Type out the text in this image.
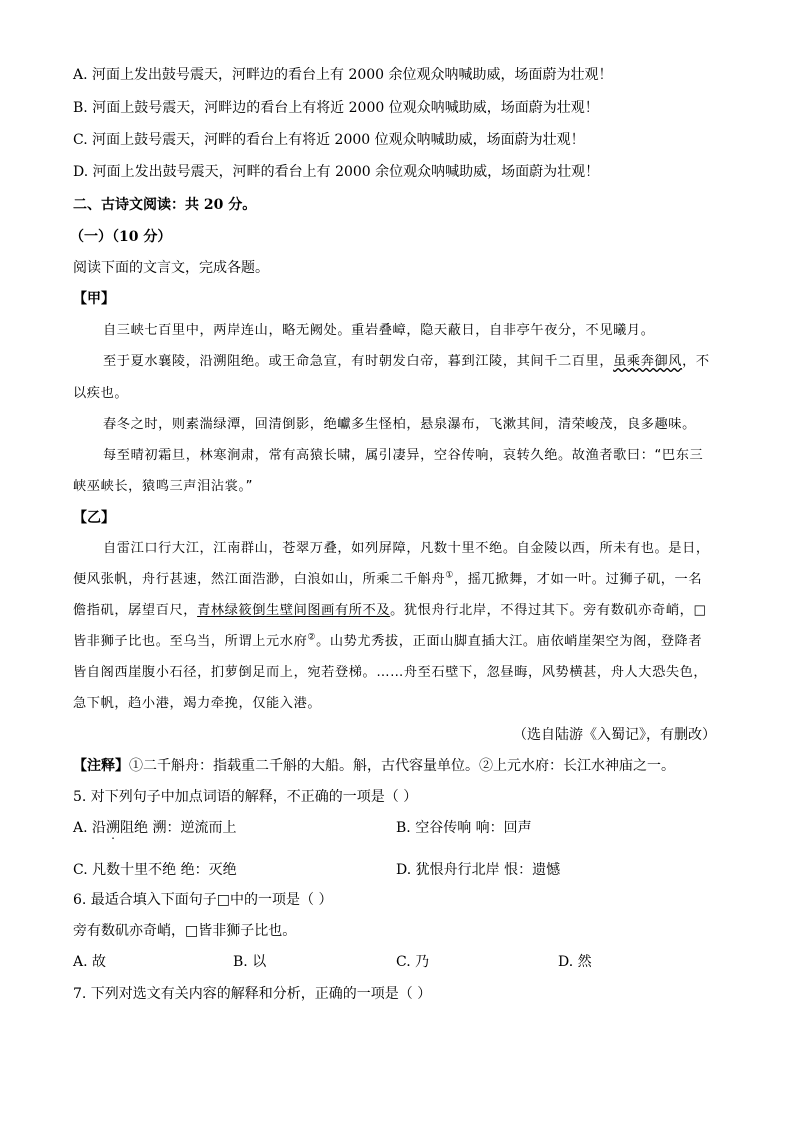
A. 河面上发出鼓号震天，河畔边的看台上有 2000 余位观众呐喊助威，场面蔚为壮观！
B. 河面上鼓号震天，河畔边的看台上有将近 2000 位观众呐喊助威，场面蔚为壮观！
C. 河面上鼓号震天，河畔的看台上有将近 2000 位观众呐喊助威，场面蔚为壮观！
D. 河面上发出鼓号震天，河畔的看台上有 2000 余位观众呐喊助威，场面蔚为壮观！
二、古诗文阅读：共 20 分。
（一）（10 分）
阅读下面的文言文，完成各题。
【甲】
自三峡七百里中，两岸连山，略无阙处。重岩叠嶂，隐天蔽日，自非亭午夜分，不见曦月。
至于夏水襄陵，沿溯阻绝。或王命急宣，有时朝发白帝，暮到江陵，其间千二百里，虽乘奔御风，不
以疾也。
春冬之时，则素湍绿潭，回清倒影，绝巘多生怪柏，悬泉瀑布，飞漱其间，清荣峻茂，良多趣味。
每至晴初霜旦，林寒涧肃，常有高猿长啸，属引凄异，空谷传响，哀转久绝。故渔者歌曰：“巴东三
峡巫峡长，猿鸣三声泪沾裳。”
【乙】
自雷江口行大江，江南群山，苍翠万叠，如列屏障，凡数十里不绝。自金陵以西，所未有也。是日，
便风张帆，舟行甚速，然江面浩渺，白浪如山，所乘二千斛舟①，摇兀掀舞，才如一叶。过狮子矶，一名
儋指矶，孱望百尺，青林绿筱倒生壁间图画有所不及。犹恨舟行北岸，不得过其下。旁有数矶亦奇峭，□
皆非狮子比也。至乌当，所谓上元水府②。山势尤秀拔，正面山脚直插大江。庙依峭崖架空为阁，登降者
皆自阁西崖腹小石径，扪萝倒足而上，宛若登梯。……舟至石壁下，忽昼晦，风势横甚，舟人大恐失色，
急下帆，趋小港，竭力牵挽，仅能入港。
（选自陆游《入蜀记》，有删改）
【注释】①二千斛舟：指载重二千斛的大船。斛，古代容量单位。②上元水府：长江水神庙之一。
5. 对下列句子中加点词语的解释，不正确的一项是（ ）
A. 沿溯阻绝 溯：逆流而上	B. 空谷传响 响：回声
C. 凡数十里不绝 绝：灭绝	D. 犹恨舟行北岸 恨：遗憾
6. 最适合填入下面句子□中的一项是（ ）
旁有数矶亦奇峭，□皆非狮子比也。
A. 故	B. 以	C. 乃	D. 然
7. 下列对选文有关内容的解释和分析，正确的一项是（ ）
